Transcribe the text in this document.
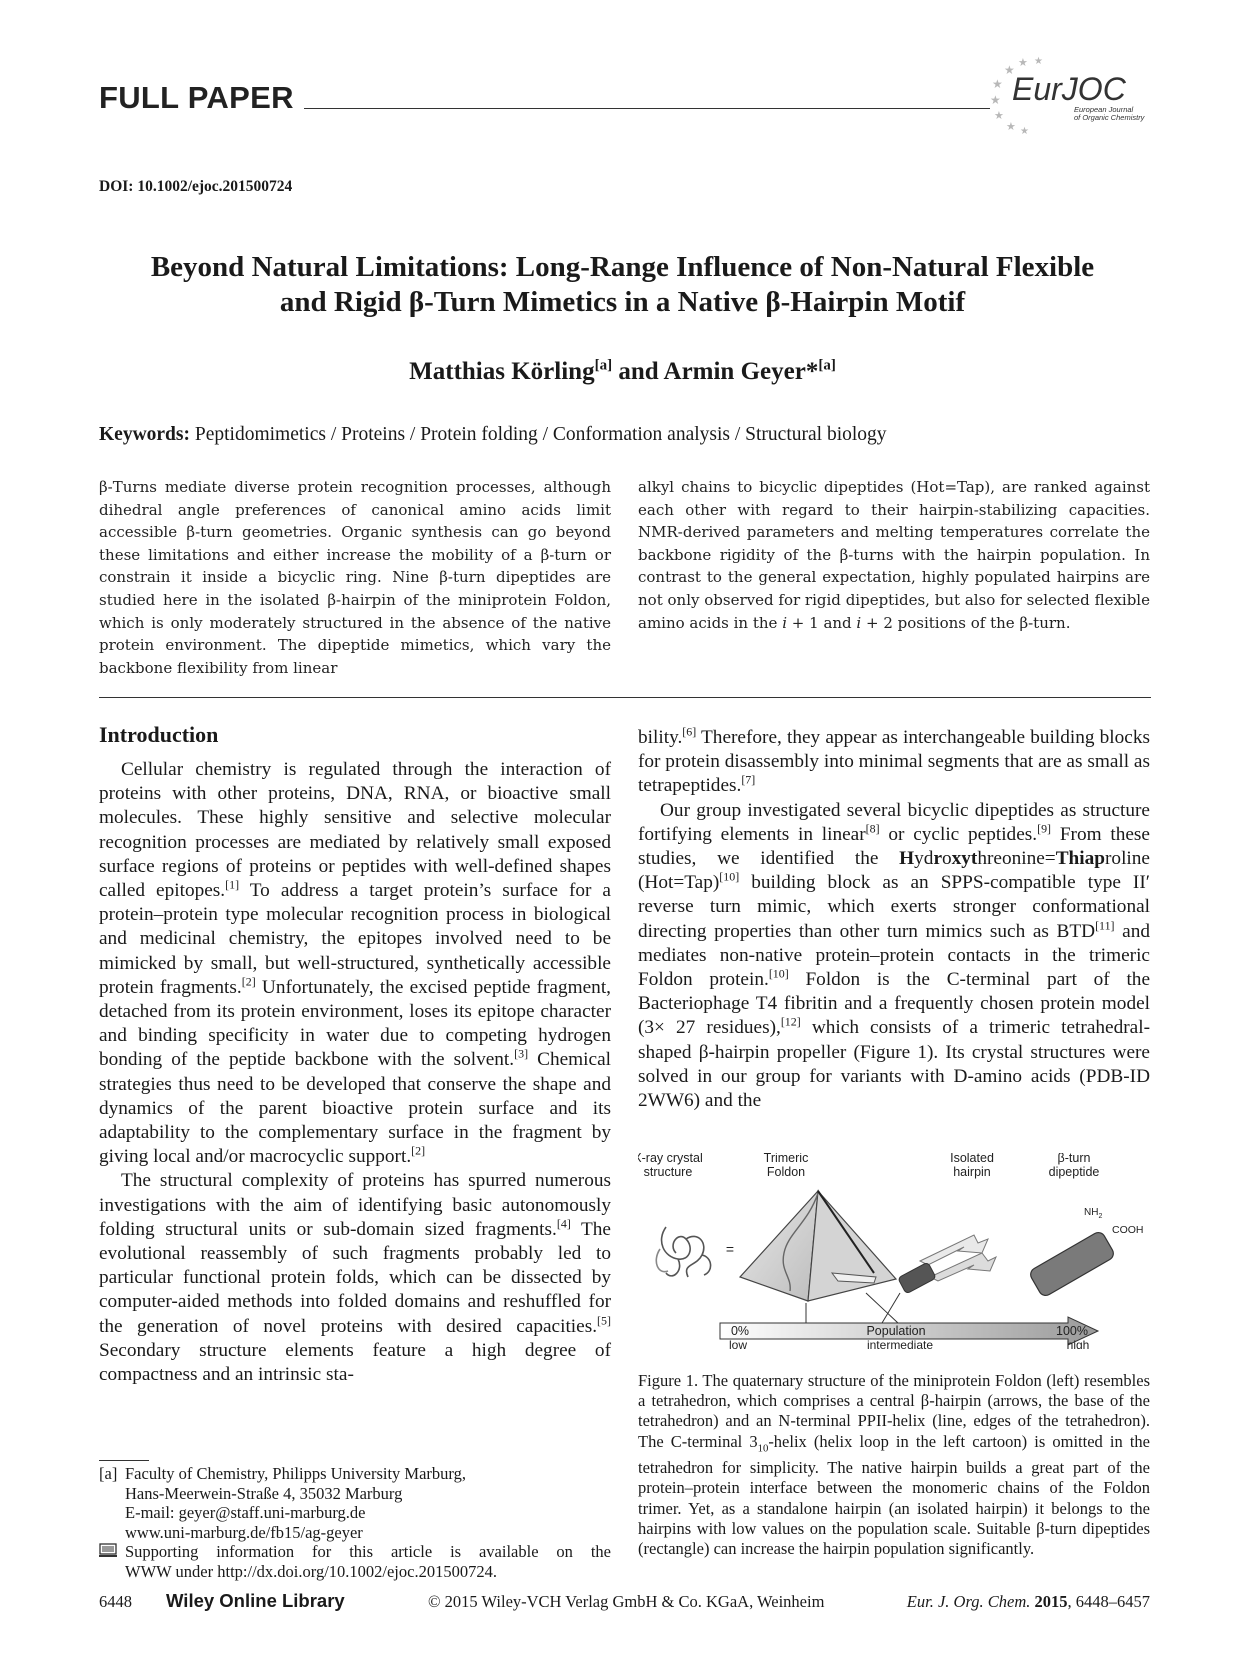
FULL PAPER
★
★ ★
★
★
★
★ ★
EurJOC
European Journal
of Organic Chemistry
DOI: 10.1002/ejoc.201500724
Beyond Natural Limitations: Long-Range Influence of Non-Natural Flexible
and Rigid β-Turn Mimetics in a Native β-Hairpin Motif
Matthias Körling[a] and Armin Geyer*[a]
Keywords: Peptidomimetics / Proteins / Protein folding / Conformation analysis / Structural biology
β-Turns mediate diverse protein recognition processes, although dihedral angle preferences of canonical amino acids limit accessible β-turn geometries. Organic synthesis can go beyond these limitations and either increase the mobility of a β-turn or constrain it inside a bicyclic ring. Nine β-turn dipeptides are studied here in the isolated β-hairpin of the miniprotein Foldon, which is only moderately structured in the absence of the native protein environment. The dipeptide mimetics, which vary the backbone flexibility from linear
alkyl chains to bicyclic dipeptides (Hot=Tap), are ranked against each other with regard to their hairpin-stabilizing capacities. NMR-derived parameters and melting temperatures correlate the backbone rigidity of the β-turns with the hairpin population. In contrast to the general expectation, highly populated hairpins are not only observed for rigid dipeptides, but also for selected flexible amino acids in the i + 1 and i + 2 positions of the β-turn.
Introduction

Cellular chemistry is regulated through the interaction of proteins with other proteins, DNA, RNA, or bioactive small molecules. These highly sensitive and selective molecular recognition processes are mediated by relatively small exposed surface regions of proteins or peptides with well-defined shapes called epitopes.[1] To address a target protein’s surface for a protein–protein type molecular recognition process in biological and medicinal chemistry, the epitopes involved need to be mimicked by small, but well-structured, synthetically accessible protein fragments.[2] Unfortunately, the excised peptide fragment, detached from its protein environment, loses its epitope character and binding specificity in water due to competing hydrogen bonding of the peptide backbone with the solvent.[3] Chemical strategies thus need to be developed that conserve the shape and dynamics of the parent bioactive protein surface and its adaptability to the complementary surface in the fragment by giving local and/or macrocyclic support.[2]

The structural complexity of proteins has spurred numerous investigations with the aim of identifying basic autonomously folding structural units or sub-domain sized fragments.[4] The evolutional reassembly of such fragments probably led to particular functional protein folds, which can be dissected by computer-aided methods into folded domains and reshuffled for the generation of novel proteins with desired capacities.[5] Secondary structure elements feature a high degree of compactness and an intrinsic sta-

bility.[6] Therefore, they appear as interchangeable building blocks for protein disassembly into minimal segments that are as small as tetrapeptides.[7]

Our group investigated several bicyclic dipeptides as structure fortifying elements in linear[8] or cyclic peptides.[9] From these studies, we identified the Hydroxythreonine=Thiaproline (Hot=Tap)[10] building block as an SPPS-compatible type II′ reverse turn mimic, which exerts stronger conformational directing properties than other turn mimics such as BTD[11] and mediates non-native protein–protein contacts in the trimeric Foldon protein.[10] Foldon is the C-terminal part of the Bacteriophage T4 fibritin and a frequently chosen protein model (3× 27 residues),[12] which consists of a trimeric tetrahedral-shaped β-hairpin propeller (Figure 1). Its crystal structures were solved in our group for variants with D-amino acids (PDB-ID 2WW6) and the

X-ray crystal
structure
Trimeric
Foldon
Isolated
hairpin
β-turn
dipeptide
=
$NH_2$
COOH
0%	Population	100%
low	intermediate	high
Figure 1. The quaternary structure of the miniprotein Foldon (left) resembles a tetrahedron, which comprises a central β-hairpin (arrows, the base of the tetrahedron) and an N-terminal PPII-helix (line, edges of the tetrahedron). The C-terminal $3_{10}$-helix (helix loop in the left cartoon) is omitted in the tetrahedron for simplicity. The native hairpin builds a great part of the protein–protein interface between the monomeric chains of the Foldon trimer. Yet, as a standalone hairpin (an isolated hairpin) it belongs to the hairpins with low values on the population scale. Suitable β-turn dipeptides (rectangle) can increase the hairpin population significantly.
[a] Faculty of Chemistry, Philipps University Marburg,
Hans-Meerwein-Straße 4, 35032 Marburg
E-mail: geyer@staff.uni-marburg.de
www.uni-marburg.de/fb15/ag-geyer
Supporting information for this article is available on the
WWW under http://dx.doi.org/10.1002/ejoc.201500724.
6448 Wiley Online Library	© 2015 Wiley-VCH Verlag GmbH & Co. KGaA, Weinheim	Eur. J. Org. Chem. 2015, 6448–6457
